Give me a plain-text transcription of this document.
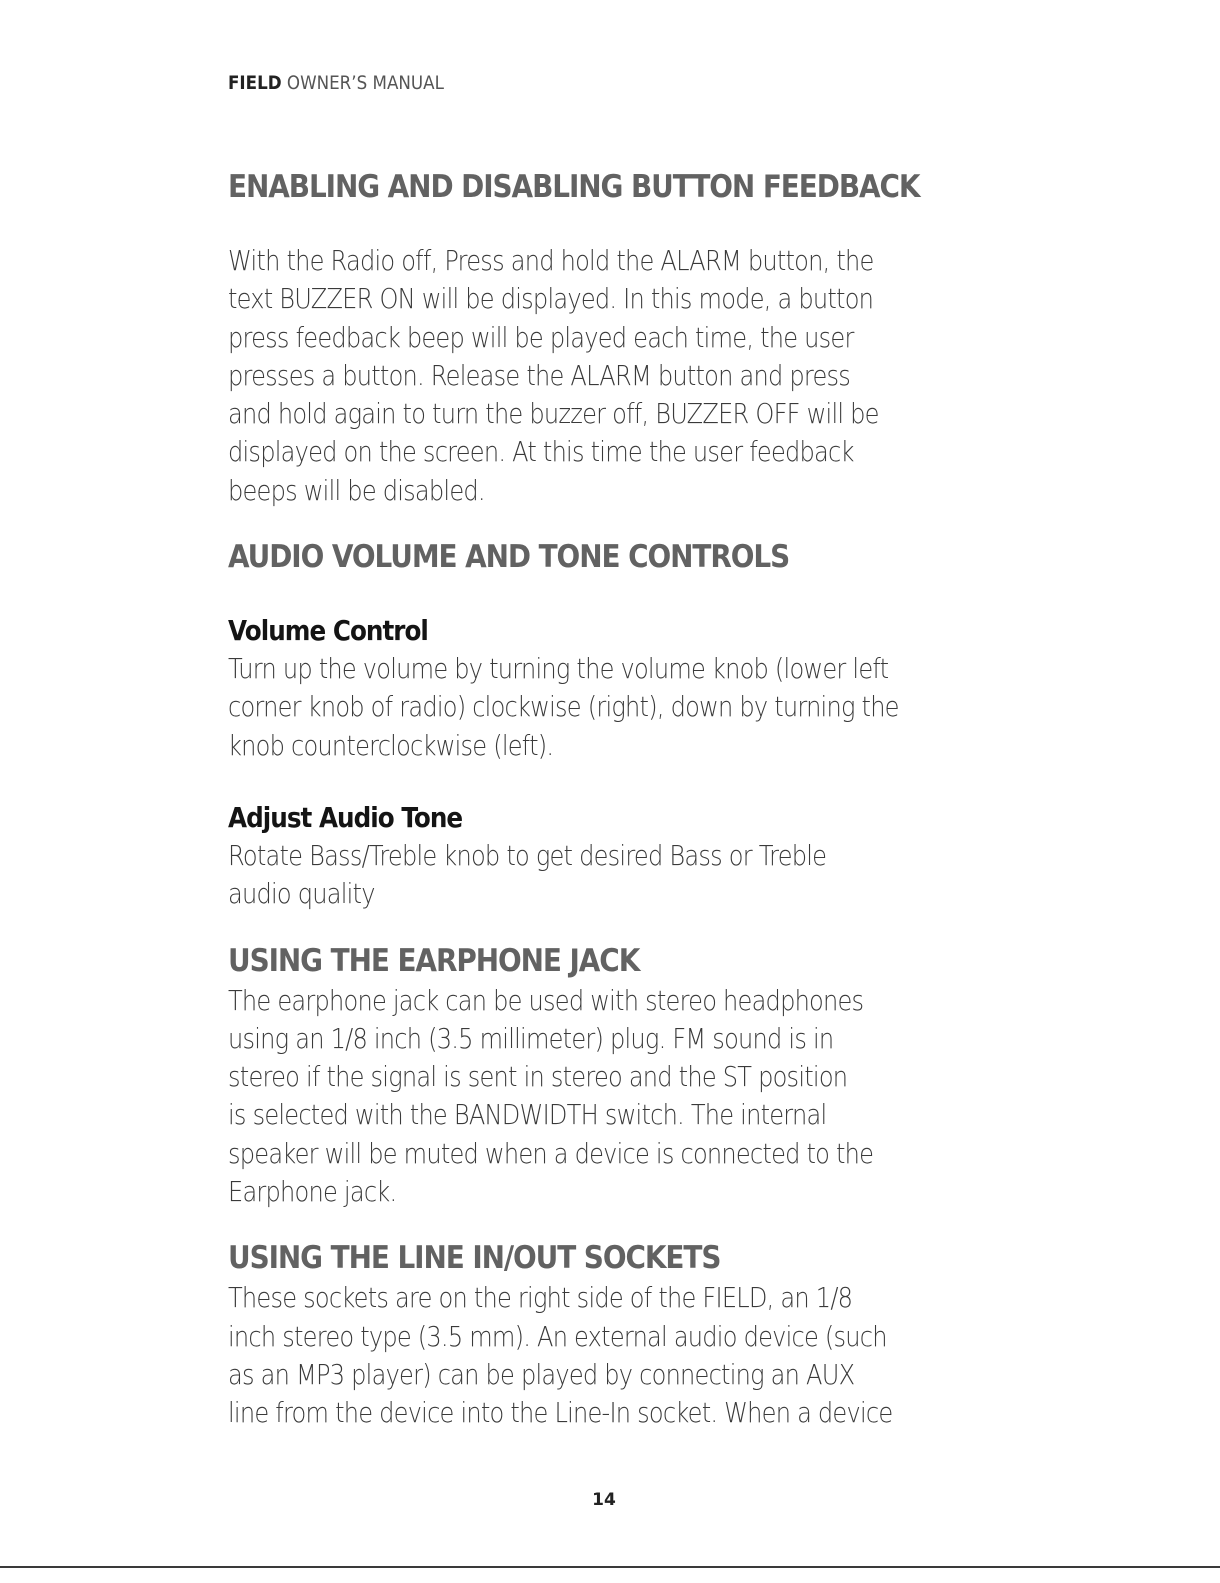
FIELD OWNER’S MANUAL
ENABLING AND DISABLING BUTTON FEEDBACK

With the Radio off, Press and hold the ALARM button, the
text BUZZER ON will be displayed. In this mode, a button
press feedback beep will be played each time, the user
presses a button. Release the ALARM button and press
and hold again to turn the buzzer off, BUZZER OFF will be
displayed on the screen. At this time the user feedback
beeps will be disabled.

AUDIO VOLUME AND TONE CONTROLS
Volume Control

Turn up the volume by turning the volume knob (lower left
corner knob of radio) clockwise (right), down by turning the
knob counterclockwise (left).

Adjust Audio Tone

Rotate Bass/Treble knob to get desired Bass or Treble
audio quality

USING THE EARPHONE JACK

The earphone jack can be used with stereo headphones
using an 1/8 inch (3.5 millimeter) plug. FM sound is in
stereo if the signal is sent in stereo and the ST position
is selected with the BANDWIDTH switch. The internal
speaker will be muted when a device is connected to the
Earphone jack.

USING THE LINE IN/OUT SOCKETS

These sockets are on the right side of the FIELD, an 1/8
inch stereo type (3.5 mm). An external audio device (such
as an MP3 player) can be played by connecting an AUX
line from the device into the Line-In socket. When a device

14
